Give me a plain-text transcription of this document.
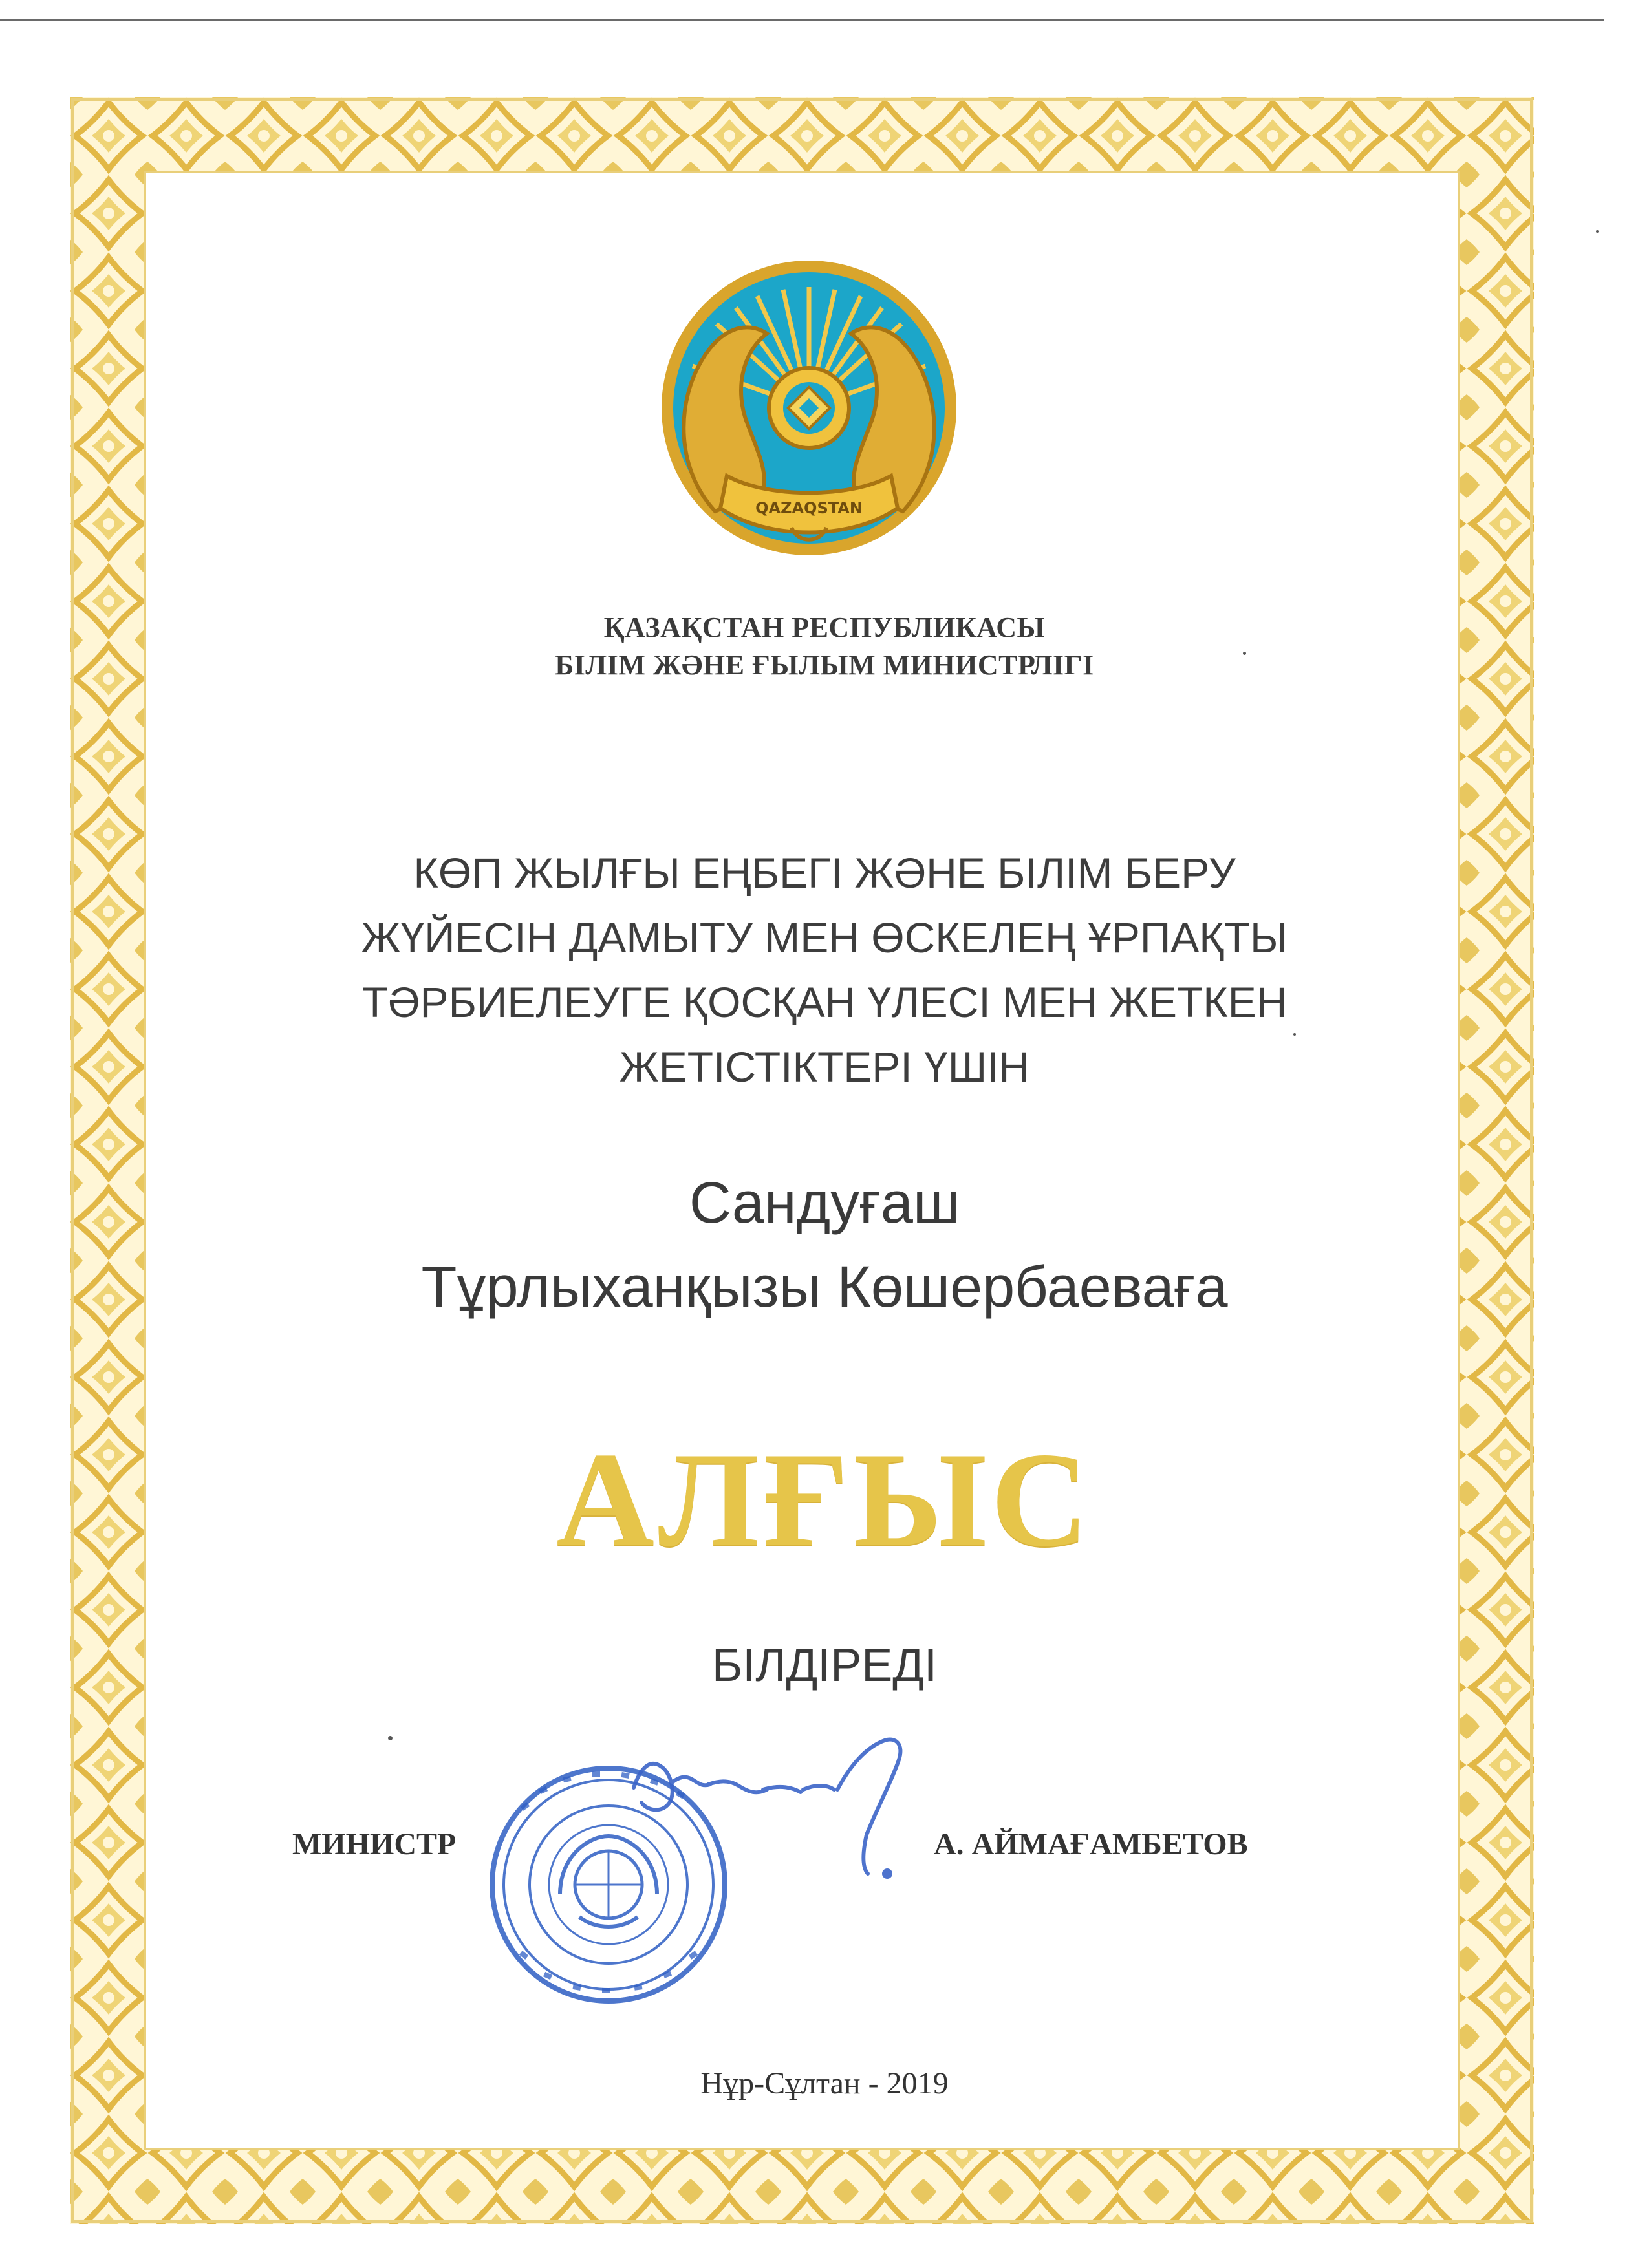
QAZAQSTAN
ҚАЗАҚСТАН РЕСПУБЛИКАСЫ
БІЛІМ ЖӘНЕ ҒЫЛЫМ МИНИСТРЛІГІ
КӨП ЖЫЛҒЫ ЕҢБЕГІ ЖӘНЕ БІЛІМ БЕРУ
ЖҮЙЕСІН ДАМЫТУ МЕН ӨСКЕЛЕҢ ҰРПАҚТЫ
ТӘРБИЕЛЕУГЕ ҚОСҚАН ҮЛЕСІ МЕН ЖЕТКЕН
ЖЕТІСТІКТЕРІ ҮШІН
Сандуғаш
Тұрлыханқызы Көшербаеваға
АЛҒЫС
БІЛДІРЕДІ
МИНИСТР	А. АЙМАҒАМБЕТОВ
Нұр-Сұлтан - 2019
